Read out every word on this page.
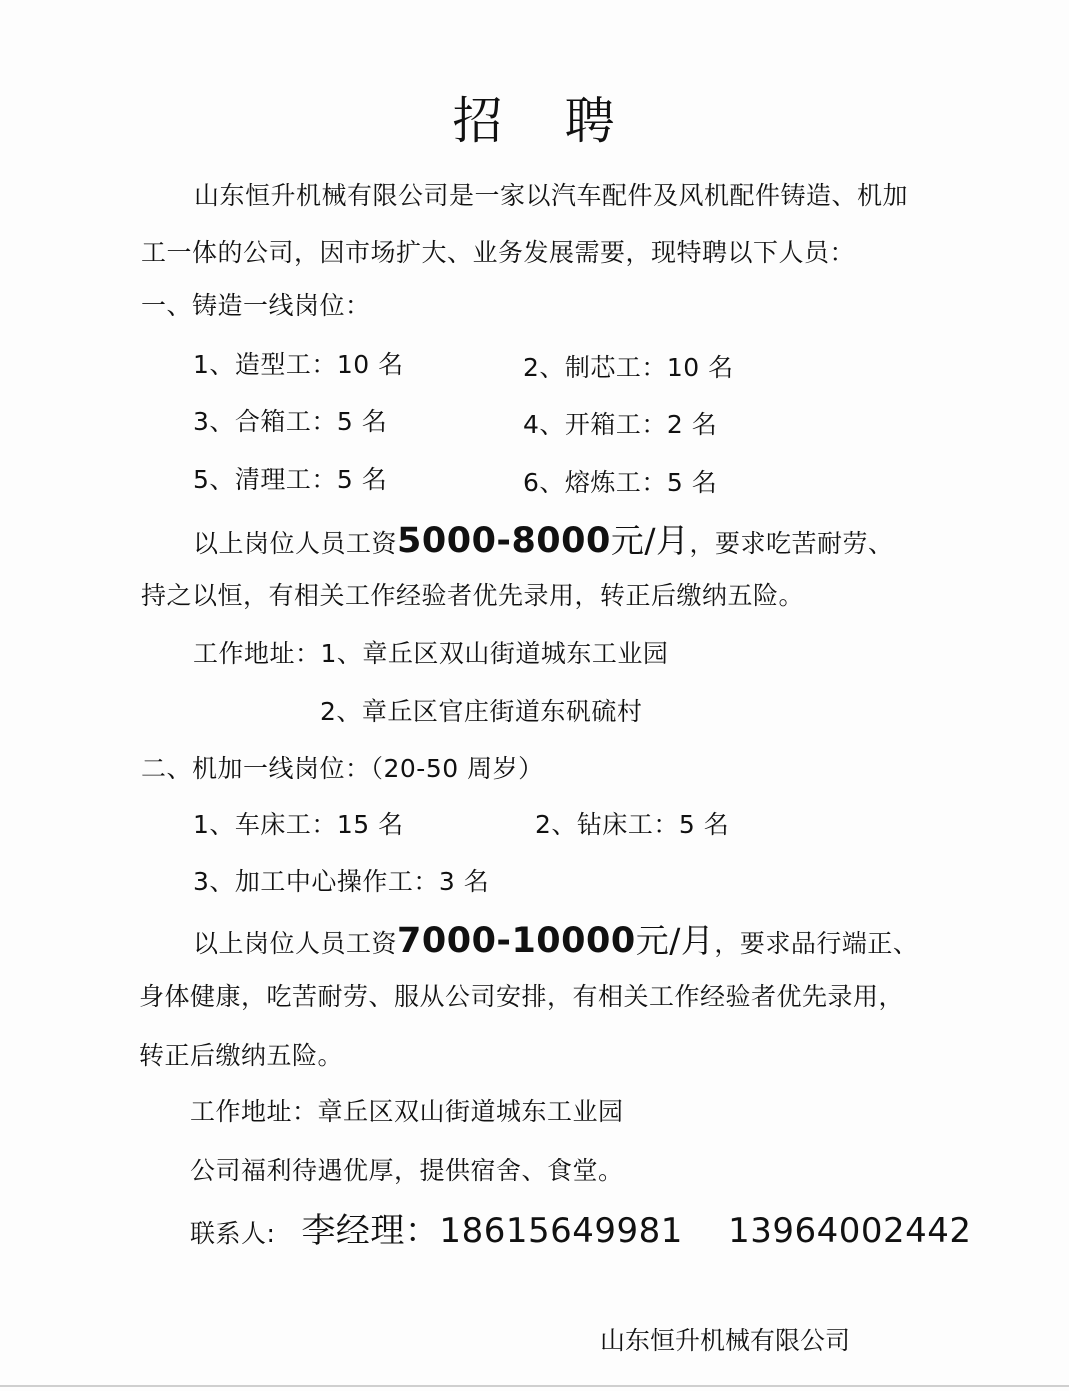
招 聘
山东恒升机械有限公司是一家以汽车配件及风机配件铸造、机加
工一体的公司，因市场扩大、业务发展需要，现特聘以下人员：
一、铸造一线岗位：
1、造型工：10 名	2、制芯工：10 名
3、合箱工：5 名	4、开箱工：2 名
5、清理工：5 名	6、熔炼工：5 名
以上岗位人员工资5000-8000元/月，要求吃苦耐劳、
持之以恒，有相关工作经验者优先录用，转正后缴纳五险。
工作地址：1、章丘区双山街道城东工业园
2、章丘区官庄街道东矾硫村
二、机加一线岗位：（20-50 周岁）
1、车床工：15 名	2、钻床工：5 名
3、加工中心操作工：3 名
以上岗位人员工资7000-10000元/月，要求品行端正、
身体健康，吃苦耐劳、服从公司安排，有相关工作经验者优先录用，
转正后缴纳五险。
工作地址：章丘区双山街道城东工业园
公司福利待遇优厚，提供宿舍、食堂。
联系人: 李经理：18615649981    13964002442
山东恒升机械有限公司
